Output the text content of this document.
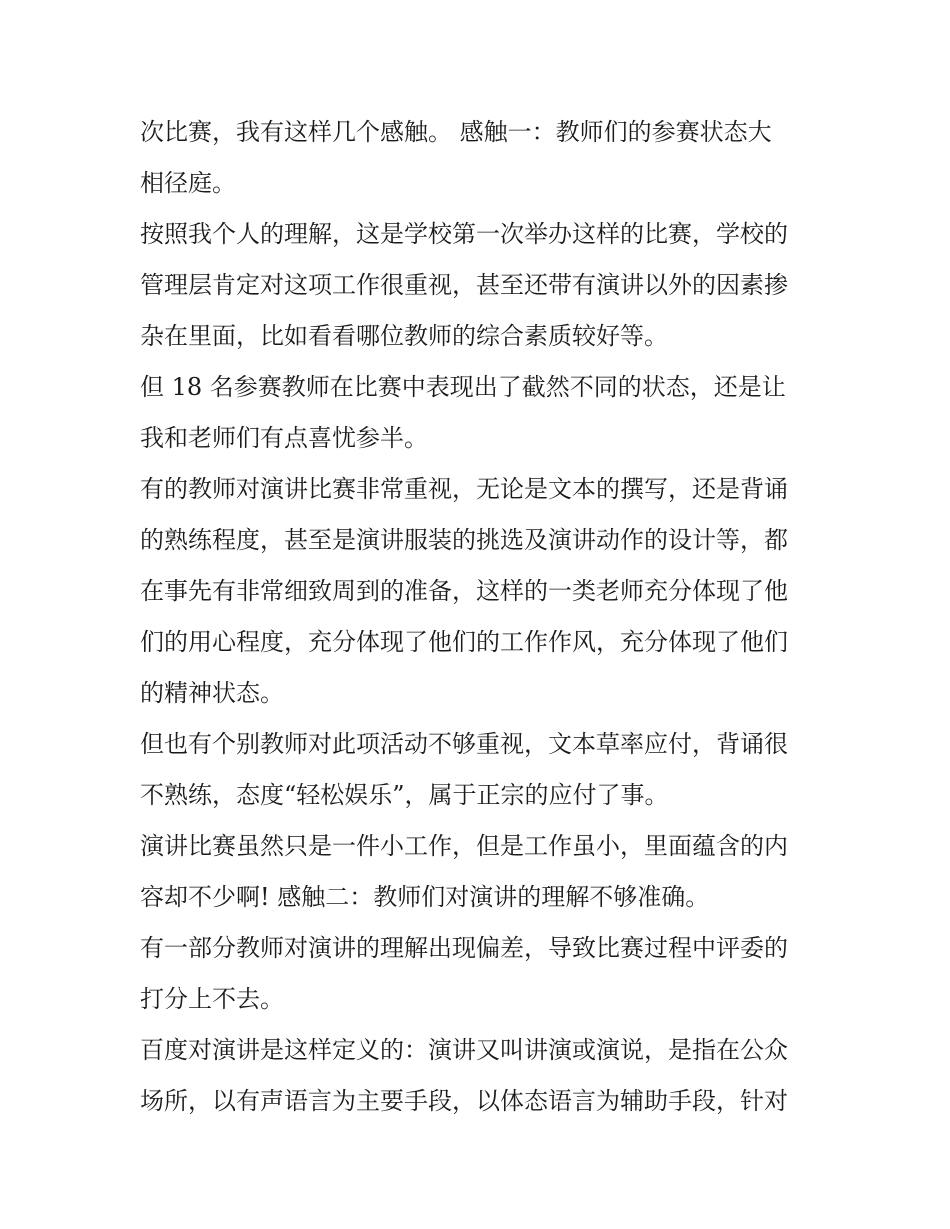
次比赛，我有这样几个感触。 感触一：教师们的参赛状态大
相径庭。
按照我个人的理解，这是学校第一次举办这样的比赛，学校的
管理层肯定对这项工作很重视，甚至还带有演讲以外的因素掺
杂在里面，比如看看哪位教师的综合素质较好等。
但 18 名参赛教师在比赛中表现出了截然不同的状态，还是让
我和老师们有点喜忧参半。
有的教师对演讲比赛非常重视，无论是文本的撰写，还是背诵
的熟练程度，甚至是演讲服装的挑选及演讲动作的设计等，都
在事先有非常细致周到的准备，这样的一类老师充分体现了他
们的用心程度，充分体现了他们的工作作风，充分体现了他们
的精神状态。
但也有个别教师对此项活动不够重视，文本草率应付，背诵很
不熟练，态度“轻松娱乐”，属于正宗的应付了事。
演讲比赛虽然只是一件小工作，但是工作虽小，里面蕴含的内
容却不少啊! 感触二：教师们对演讲的理解不够准确。
有一部分教师对演讲的理解出现偏差，导致比赛过程中评委的
打分上不去。
百度对演讲是这样定义的：演讲又叫讲演或演说，是指在公众
场所，以有声语言为主要手段，以体态语言为辅助手段，针对
